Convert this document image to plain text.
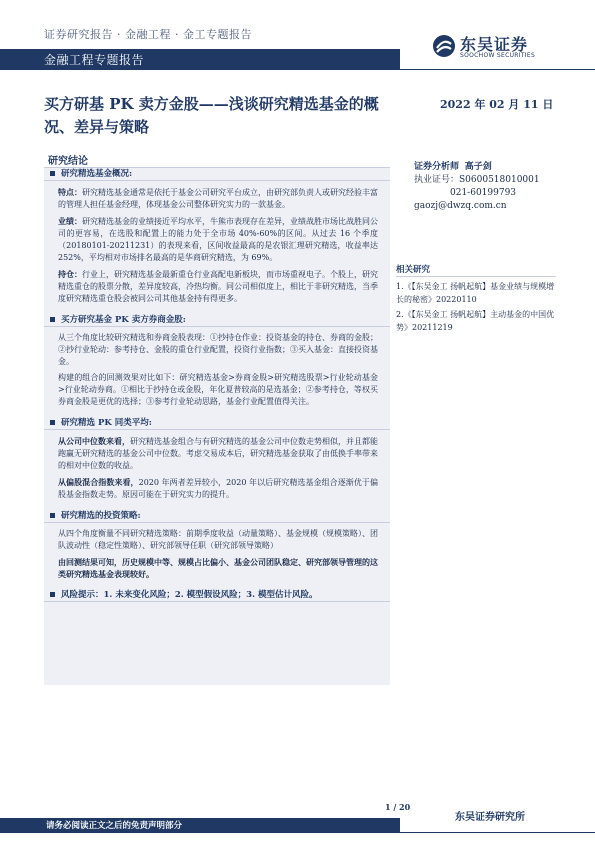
证券研究报告 · 金融工程 · 金工专题报告
金融工程专题报告
东吴证券
SOOCHOW SECURITIES
买方研基 PK 卖方金股——浅谈研究精选基金的概况、差异与策略
2022 年 02 月 11 日
研究结论
研究精选基金概况:
特点：研究精选基金通常是依托于基金公司研究平台成立，由研究部负责人或研究经验丰富的管理人担任基金经理，体现基金公司整体研究实力的一款基金。
业绩：研究精选基金的业绩接近平均水平，牛熊市表现存在差异，业绩战胜市场比战胜同公司的更容易，在选股和配置上的能力处于全市场 40%-60%的区间。从过去 16 个季度（20180101-20211231）的表现来看，区间收益最高的是农银汇理研究精选，收益率达 252%，平均相对市场排名最高的是华商研究精选，为 69%。
持仓：行业上，研究精选基金最新重仓行业高配电新板块，而市场重视电子。个股上，研究精选重仓的股票分散，差异度较高，冷热均衡。同公司相似度上，相比于非研究精选，当季度研究精选重仓股会被同公司其他基金持有得更多。
买方研究基金 PK 卖方券商金股:
从三个角度比较研究精选和券商金股表现：①抄持仓作业：投资基金的持仓、券商的金股；②抄行业轮动：参考持仓、金股的重仓行业配置，投资行业指数；③买入基金：直接投资基金。
构建的组合的回测效果对比如下：研究精选基金>券商金股>研究精选股票>行业轮动基金>行业轮动券商。①相比于抄持仓或金股，年化夏普较高的是选基金；②参考持仓，等权买券商金股是更优的选择；③参考行业轮动思路，基金行业配置值得关注。
研究精选 PK 同类平均:
从公司中位数来看，研究精选基金组合与有研究精选的基金公司中位数走势相似，并且都能跑赢无研究精选的基金公司中位数。考虑交易成本后，研究精选基金获取了由低换手率带来的相对中位数的收益。
从偏股混合指数来看，2020 年两者差异较小，2020 年以后研究精选基金组合逐渐优于偏股基金指数走势。原因可能在于研究实力的提升。
研究精选的投资策略:
从四个角度衡量不同研究精选策略：前期季度收益（动量策略）、基金规模（规模策略）、团队波动性（稳定性策略）、研究部领导任职（研究部领导策略）
由回测结果可知，历史规模中等、规模占比偏小、基金公司团队稳定、研究部领导管理的这类研究精选基金表现较好。
风险提示：1. 未来变化风险；2. 模型假设风险；3. 模型估计风险。
证券分析师 高子剑
执业证号：S0600518010001
021-60199793
gaozj@dwzq.com.cn
相关研究
1.《【东吴金工 扬帆起航】基金业绩与规模增长的秘密》20220110
2.《【东吴金工 扬帆起航】主动基金的中国优势》20211219
1 / 20
东吴证券研究所
请务必阅读正文之后的免责声明部分
